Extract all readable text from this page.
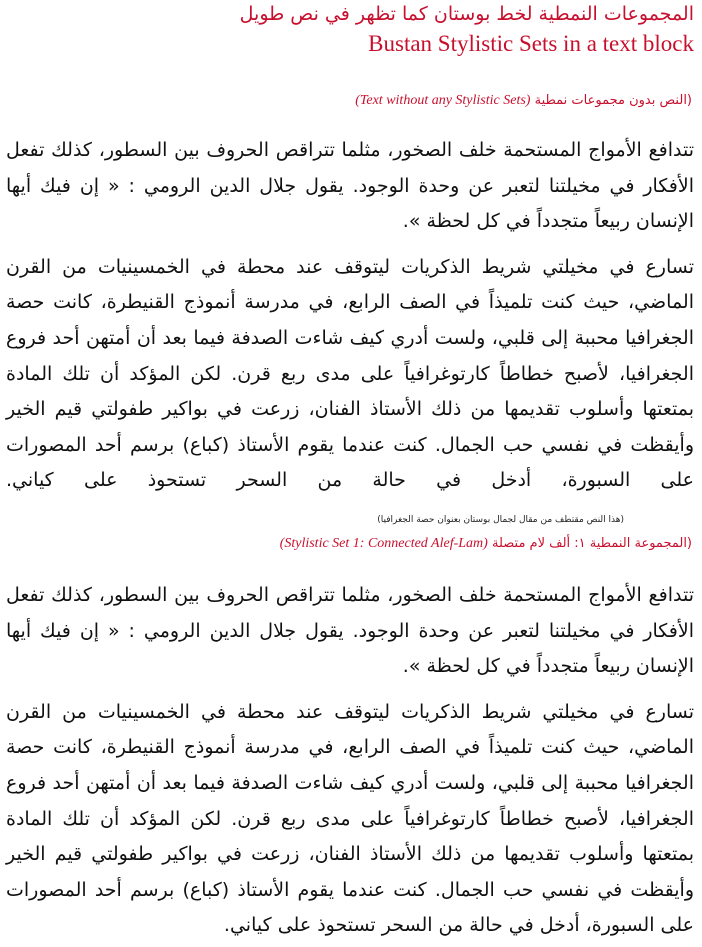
المجموعات النمطية لخط بوستان كما تظهر في نص طويل
Bustan Stylistic Sets in a text block
(النص بدون مجموعات نمطية (Text without any Stylistic Sets)

تتدافع الأمواج المستحمة خلف الصخور، مثلما تتراقص الحروف بين السطور، كذلك تفعل الأفكار في مخيلتنا لتعبر عن وحدة الوجود. يقول جلال الدين الرومي : « إن فيك أيها الإنسان ربيعاً متجدداً في كل لحظة ».

تسارع في مخيلتي شريط الذكريات ليتوقف عند محطة في الخمسينيات من القرن الماضي، حيث كنت تلميذاً في الصف الرابع، في مدرسة أنموذج القنيطرة، كانت حصة الجغرافيا محببة إلى قلبي، ولست أدري كيف شاءت الصدفة فيما بعد أن أمتهن أحد فروع الجغرافيا، لأصبح خطاطاً كارتوغرافياً على مدى ربع قرن. لكن المؤكد أن تلك المادة بمتعتها وأسلوب تقديمها من ذلك الأستاذ الفنان، زرعت في بواكير طفولتي قيم الخير وأيقظت في نفسي حب الجمال. كنت عندما يقوم الأستاذ (كباع) برسم أحد المصورات على السبورة، أدخل في حالة من السحر تستحوذ على كياني.(هذا النص مقتطف من مقال لجمال بوستان بعنوان حصة الجغرافيا)

(المجموعة النمطية ١: ألف لام متصلة (Stylistic Set 1: Connected Alef-Lam)

تتدافع الأمواج المستحمة خلف الصخور، مثلما تتراقص الحروف بين السطور، كذلك تفعل الأفكار في مخيلتنا لتعبر عن وحدة الوجود. يقول جلال الدين الرومي : « إن فيك أيها الإنسان ربيعاً متجدداً في كل لحظة ».

تسارع في مخيلتي شريط الذكريات ليتوقف عند محطة في الخمسينيات من القرن الماضي، حيث كنت تلميذاً في الصف الرابع، في مدرسة أنموذج القنيطرة، كانت حصة الجغرافيا محببة إلى قلبي، ولست أدري كيف شاءت الصدفة فيما بعد أن أمتهن أحد فروع الجغرافيا، لأصبح خطاطاً كارتوغرافياً على مدى ربع قرن. لكن المؤكد أن تلك المادة بمتعتها وأسلوب تقديمها من ذلك الأستاذ الفنان، زرعت في بواكير طفولتي قيم الخير وأيقظت في نفسي حب الجمال. كنت عندما يقوم الأستاذ (كباع) برسم أحد المصورات على السبورة، أدخل في حالة من السحر تستحوذ على كياني.
